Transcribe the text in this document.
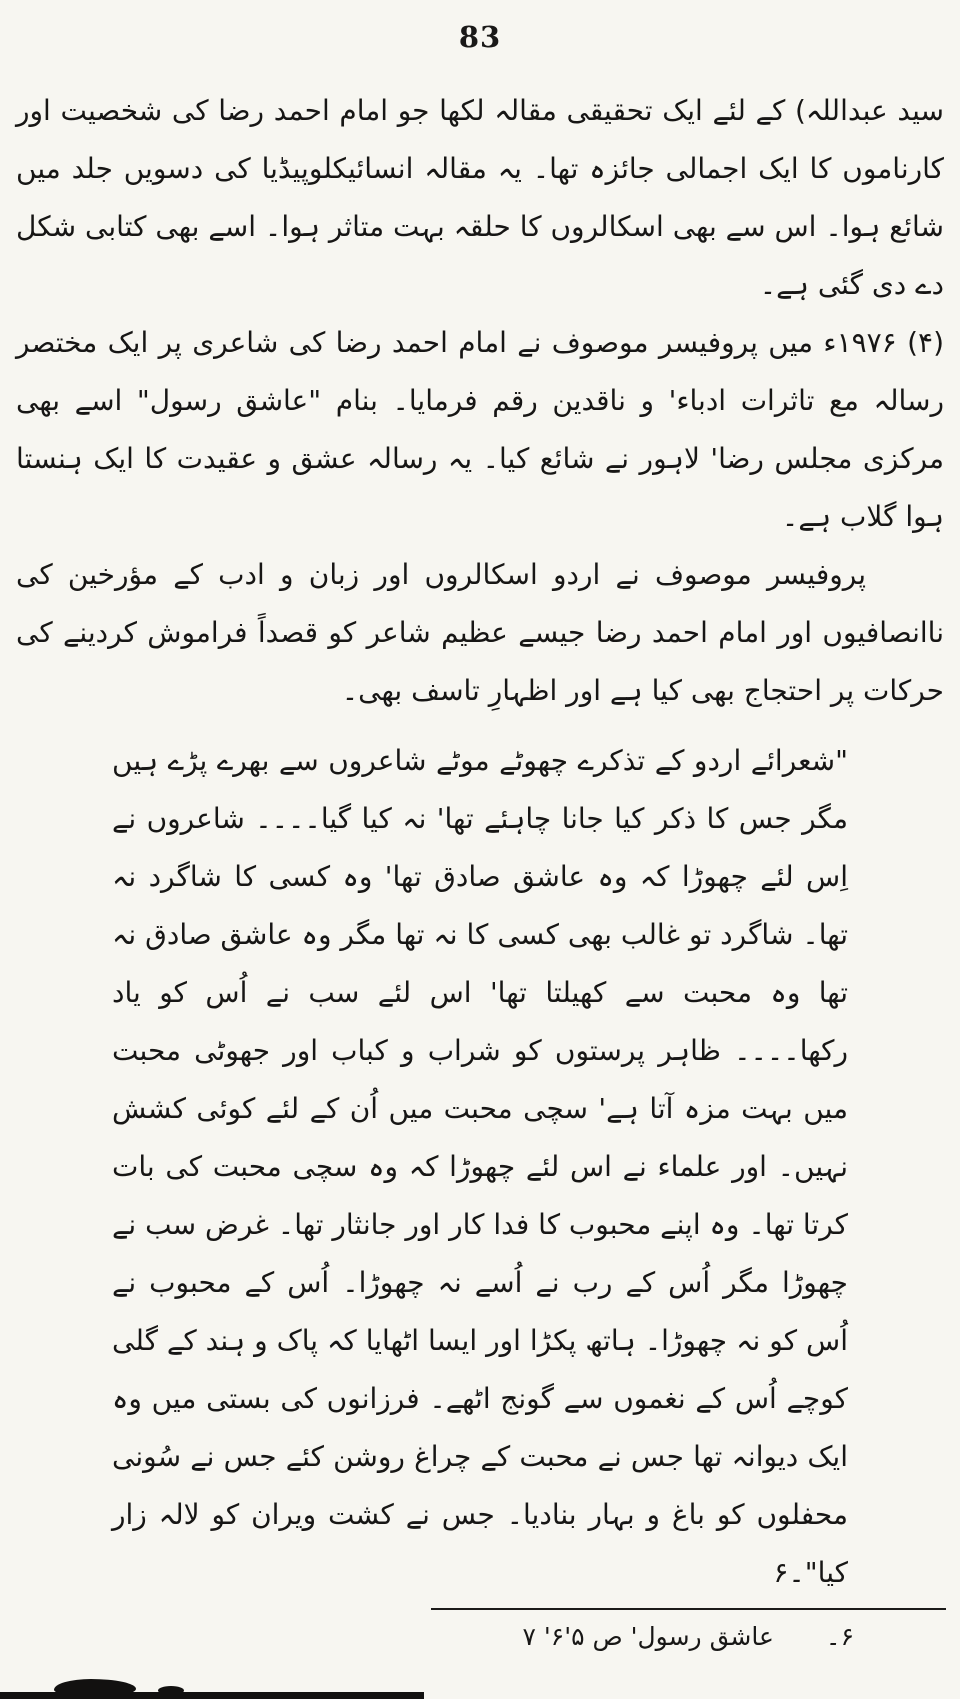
83

سید عبداللہ) کے لئے ایک تحقیقی مقالہ لکھا جو امام احمد رضا کی شخصیت اور کارناموں کا ایک اجمالی جائزہ تھا۔ یہ مقالہ انسائیکلوپیڈیا کی دسویں جلد میں شائع ہوا۔ اس سے بھی اسکالروں کا حلقہ بہت متاثر ہوا۔ اسے بھی کتابی شکل دے دی گئی ہے۔

(۴) ۱۹۷۶ء میں پروفیسر موصوف نے امام احمد رضا کی شاعری پر ایک مختصر رسالہ مع تاثرات ادباء' و ناقدین رقم فرمایا۔ بنام "عاشق رسول" اسے بھی مرکزی مجلس رضا' لاہور نے شائع کیا۔ یہ رسالہ عشق و عقیدت کا ایک ہنستا ہوا گلاب ہے۔

پروفیسر موصوف نے اردو اسکالروں اور زبان و ادب کے مؤرخین کی ناانصافیوں اور امام احمد رضا جیسے عظیم شاعر کو قصداً فراموش کردینے کی حرکات پر احتجاج بھی کیا ہے اور اظہارِ تاسف بھی۔

"شعرائے اردو کے تذکرے چھوٹے موٹے شاعروں سے بھرے پڑے ہیں مگر جس کا ذکر کیا جانا چاہئے تھا' نہ کیا گیا۔۔۔۔ شاعروں نے اِس لئے چھوڑا کہ وہ عاشق صادق تھا' وہ کسی کا شاگرد نہ تھا۔ شاگرد تو غالب بھی کسی کا نہ تھا مگر وہ عاشق صادق نہ تھا وہ محبت سے کھیلتا تھا' اس لئے سب نے اُس کو یاد رکھا۔۔۔۔ ظاہر پرستوں کو شراب و کباب اور جھوٹی محبت میں بہت مزہ آتا ہے' سچی محبت میں اُن کے لئے کوئی کشش نہیں۔ اور علماء نے اس لئے چھوڑا کہ وہ سچی محبت کی بات کرتا تھا۔ وہ اپنے محبوب کا فدا کار اور جانثار تھا۔ غرض سب نے چھوڑا مگر اُس کے رب نے اُسے نہ چھوڑا۔ اُس کے محبوب نے اُس کو نہ چھوڑا۔ ہاتھ پکڑا اور ایسا اٹھایا کہ پاک و ہند کے گلی کوچے اُس کے نغموں سے گونج اٹھے۔ فرزانوں کی بستی میں وہ ایک دیوانہ تھا جس نے محبت کے چراغ روشن کئے جس نے سُونی محفلوں کو باغ و بہار بنادیا۔ جس نے کشت ویران کو لالہ زار کیا"۔۶
۶۔
عاشق رسول' ص ۵'۶' ۷
